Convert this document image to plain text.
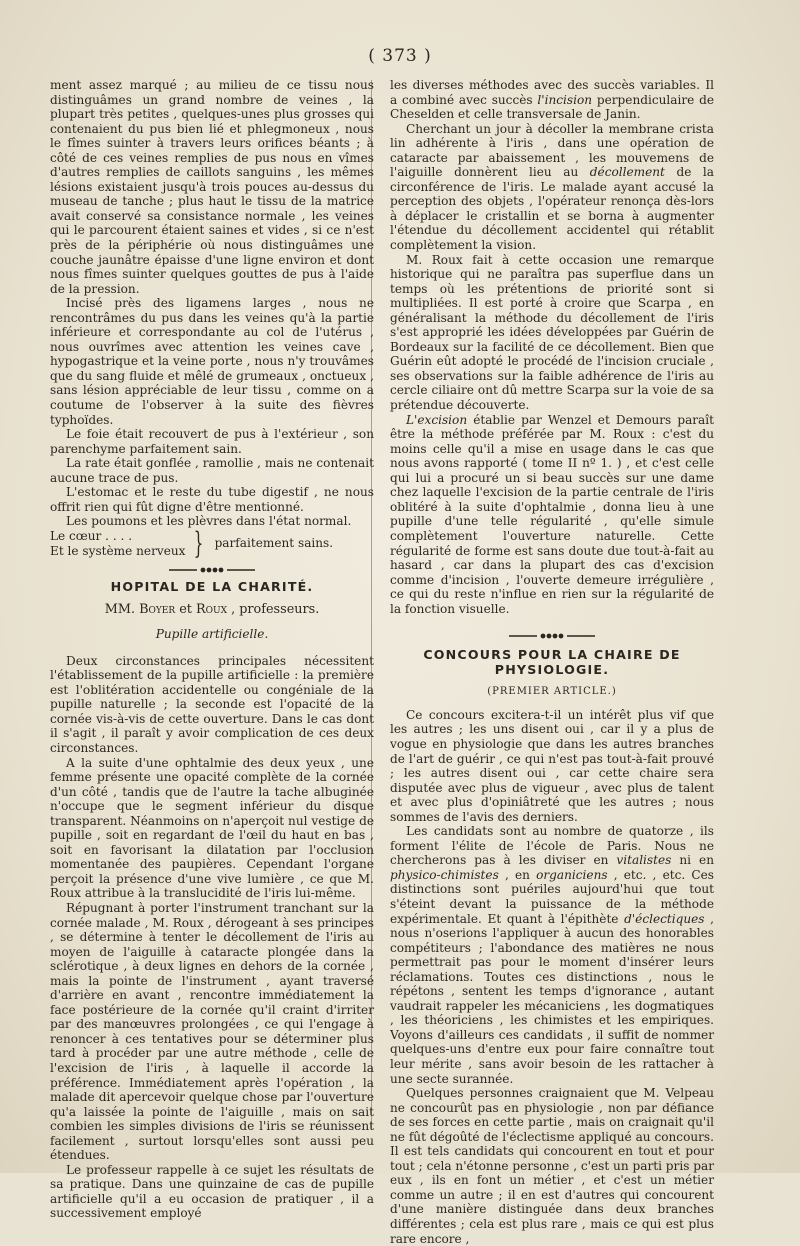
( 373 )

ment assez marqué ; au milieu de ce tissu nous distinguâmes un grand nombre de veines , la plupart très petites , quelques-unes plus grosses qui contenaient du pus bien lié et phlegmoneux , nous le fîmes suinter à travers leurs orifices béants ; à côté de ces veines remplies de pus nous en vîmes d'autres remplies de caillots sanguins , les mêmes lésions existaient jusqu'à trois pouces au-dessus du museau de tanche ; plus haut le tissu de la matrice avait conservé sa consistance normale , les veines qui le parcourent étaient saines et vides , si ce n'est près de la périphérie où nous distinguâmes une couche jaunâtre épaisse d'une ligne environ et dont nous fîmes suinter quelques gouttes de pus à l'aide de la pression.

Incisé près des ligamens larges , nous ne rencontrâmes du pus dans les veines qu'à la partie inférieure et correspondante au col de l'utérus , nous ouvrîmes avec attention les veines cave , hypogastrique et la veine porte , nous n'y trouvâmes que du sang fluide et mêlé de grumeaux , onctueux , sans lésion appréciable de leur tissu , comme on a coutume de l'observer à la suite des fièvres typhoïdes.

Le foie était recouvert de pus à l'extérieur , son parenchyme parfaitement sain.

La rate était gonflée , ramollie , mais ne contenait aucune trace de pus.

L'estomac et le reste du tube digestif , ne nous offrit rien qui fût digne d'être mentionné.

Les poumons et les plèvres dans l'état normal.

Le cœur . . . .
Et le système nerveux } parfaitement sains.
HOPITAL DE LA CHARITÉ.

MM. Boyer et Roux , professeurs.

Pupille artificielle.

Deux circonstances principales nécessitent l'établissement de la pupille artificielle : la première est l'oblitération accidentelle ou congéniale de la pupille naturelle ; la seconde est l'opacité de la cornée vis-à-vis de cette ouverture. Dans le cas dont il s'agit , il paraît y avoir complication de ces deux circonstances.

A la suite d'une ophtalmie des deux yeux , une femme présente une opacité complète de la cornée d'un côté , tandis que de l'autre la tache albuginée n'occupe que le segment inférieur du disque transparent. Néanmoins on n'aperçoit nul vestige de pupille , soit en regardant de l'œil du haut en bas , soit en favorisant la dilatation par l'occlusion momentanée des paupières. Cependant l'organe perçoit la présence d'une vive lumière , ce que M. Roux attribue à la translucidité de l'iris lui-même.

Répugnant à porter l'instrument tranchant sur la cornée malade , M. Roux , dérogeant à ses principes , se détermine à tenter le décollement de l'iris au moyen de l'aiguille à cataracte plongée dans la sclérotique , à deux lignes en dehors de la cornée , mais la pointe de l'instrument , ayant traversé d'arrière en avant , rencontre immédiatement la face postérieure de la cornée qu'il craint d'irriter par des manœuvres prolongées , ce qui l'engage à renoncer à ces tentatives pour se déterminer plus tard à procéder par une autre méthode , celle de l'excision de l'iris , à laquelle il accorde la préférence. Immédiatement après l'opération , la malade dit apercevoir quelque chose par l'ouverture qu'a laissée la pointe de l'aiguille , mais on sait combien les simples divisions de l'iris se réunissent facilement , surtout lorsqu'elles sont aussi peu étendues.

Le professeur rappelle à ce sujet les résultats de sa pratique. Dans une quinzaine de cas de pupille artificielle qu'il a eu occasion de pratiquer , il a successivement employé

les diverses méthodes avec des succès variables. Il a combiné avec succès l'incision perpendiculaire de Cheselden et celle transversale de Janin.

Cherchant un jour à décoller la membrane crista lin adhérente à l'iris , dans une opération de cataracte par abaissement , les mouvemens de l'aiguille donnèrent lieu au décollement de la circonférence de l'iris. Le malade ayant accusé la perception des objets , l'opérateur renonça dès-lors à déplacer le cristallin et se borna à augmenter l'étendue du décollement accidentel qui rétablit complètement la vision.

M. Roux fait à cette occasion une remarque historique qui ne paraîtra pas superflue dans un temps où les prétentions de priorité sont si multipliées. Il est porté à croire que Scarpa , en généralisant la méthode du décollement de l'iris s'est approprié les idées développées par Guérin de Bordeaux sur la facilité de ce décollement. Bien que Guérin eût adopté le procédé de l'incision cruciale , ses observations sur la faible adhérence de l'iris au cercle ciliaire ont dû mettre Scarpa sur la voie de sa prétendue découverte.

L'excision établie par Wenzel et Demours paraît être la méthode préférée par M. Roux : c'est du moins celle qu'il a mise en usage dans le cas que nous avons rapporté ( tome II nº 1. ) , et c'est celle qui lui a procuré un si beau succès sur une dame chez laquelle l'excision de la partie centrale de l'iris oblitéré à la suite d'ophtalmie , donna lieu à une pupille d'une telle régularité , qu'elle simule complètement l'ouverture naturelle. Cette régularité de forme est sans doute due tout-à-fait au hasard , car dans la plupart des cas d'excision comme d'incision , l'ouverte demeure irrégulière , ce qui du reste n'influe en rien sur la régularité de la fonction visuelle.

CONCOURS POUR LA CHAIRE DE PHYSIOLOGIE.
(PREMIER ARTICLE.)

Ce concours excitera-t-il un intérêt plus vif que les autres ; les uns disent oui , car il y a plus de vogue en physiologie que dans les autres branches de l'art de guérir , ce qui n'est pas tout-à-fait prouvé ; les autres disent oui , car cette chaire sera disputée avec plus de vigueur , avec plus de talent et avec plus d'opiniâtreté que les autres ; nous sommes de l'avis des derniers.

Les candidats sont au nombre de quatorze , ils forment l'élite de l'école de Paris. Nous ne chercherons pas à les diviser en vitalistes ni en physico-chimistes , en organiciens , etc. , etc. Ces distinctions sont puériles aujourd'hui que tout s'éteint devant la puissance de la méthode expérimentale. Et quant à l'épithète d'éclectiques , nous n'oserions l'appliquer à aucun des honorables compétiteurs ; l'abondance des matières ne nous permettrait pas pour le moment d'insérer leurs réclamations. Toutes ces distinctions , nous le répétons , sentent les temps d'ignorance , autant vaudrait rappeler les mécaniciens , les dogmatiques , les théoriciens , les chimistes et les empiriques. Voyons d'ailleurs ces candidats , il suffit de nommer quelques-uns d'entre eux pour faire connaître tout leur mérite , sans avoir besoin de les rattacher à une secte surannée.

Quelques personnes craignaient que M. Velpeau ne concourût pas en physiologie , non par défiance de ses forces en cette partie , mais on craignait qu'il ne fût dégoûté de l'éclectisme appliqué au concours. Il est tels candidats qui concourent en tout et pour tout ; cela n'étonne personne , c'est un parti pris par eux , ils en font un métier , et c'est un métier comme un autre ; il en est d'autres qui concourent d'une manière distinguée dans deux branches différentes ; cela est plus rare , mais ce qui est plus rare encore ,
